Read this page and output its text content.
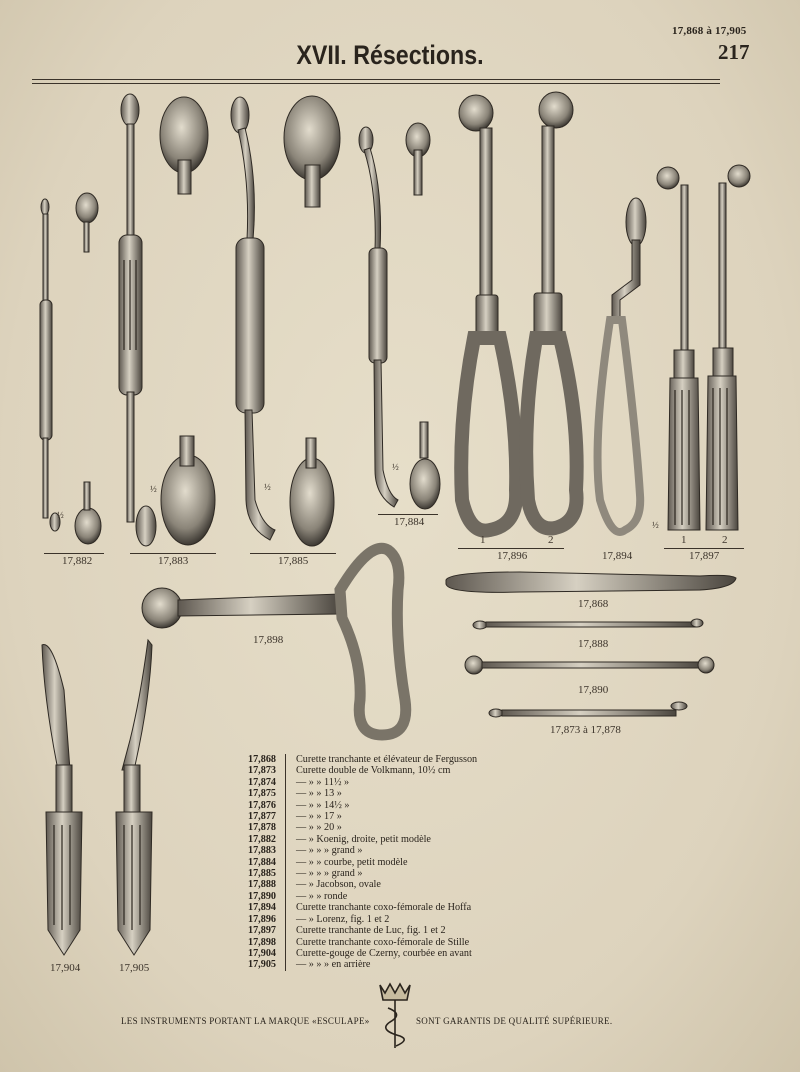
17,868 à 17,905
217
XVII. Résections.
17,882	17,883	17,885
17,884
1	2
17,896	17,894
1	2
17,897
17,898
17,868
17,888
17,890
17,873 à 17,878
17,904	17,905
½
½	½
½
½
17,868	Curette tranchante et élévateur de Fergusson
17,873	Curette double de Volkmann, 10½ cm
17,874	— » » 11½ »
17,875	— » » 13 »
17,876	— » » 14½ »
17,877	— » » 17 »
17,878	— » » 20 »
17,882	— » Koenig, droite, petit modèle
17,883	— » » » grand »
17,884	— » » courbe, petit modèle
17,885	— » » » grand »
17,888	— » Jacobson, ovale
17,890	— » » ronde
17,894	Curette tranchante coxo-fémorale de Hoffa
17,896	— » Lorenz, fig. 1 et 2
17,897	Curette tranchante de Luc, fig. 1 et 2
17,898	Curette tranchante coxo-fémorale de Stille
17,904	Curette-gouge de Czerny, courbée en avant
17,905	— » » » en arrière
LES INSTRUMENTS PORTANT LA MARQUE «ESCULAPE»	SONT GARANTIS DE QUALITÉ SUPÉRIEURE.
